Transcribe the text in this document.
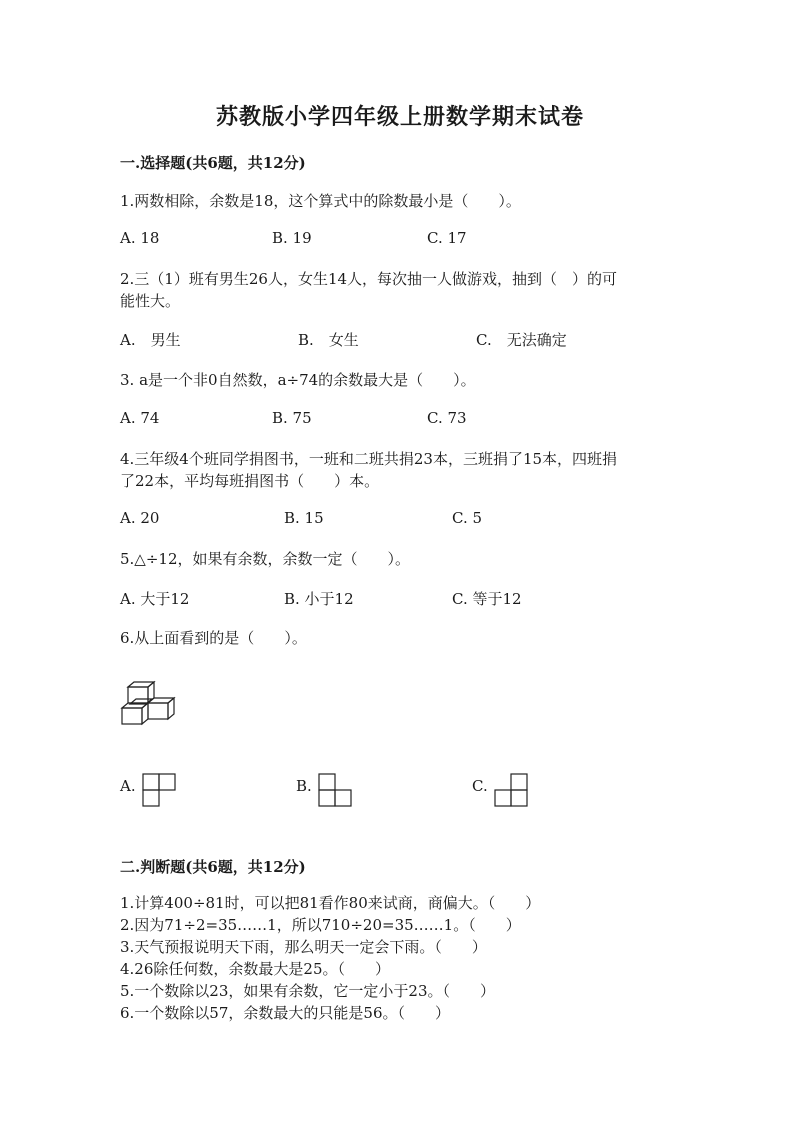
苏教版小学四年级上册数学期末试卷
一.选择题(共6题，共12分)
1.两数相除，余数是18，这个算式中的除数最小是（　　）。
A. 18	B. 19	C. 17
2.三（1）班有男生26人，女生14人，每次抽一人做游戏，抽到（　）的可
能性大。
A.　男生	B.　女生	C.　无法确定
3. a是一个非0自然数，a÷74的余数最大是（　　）。
A. 74	B. 75	C. 73
4.三年级4个班同学捐图书，一班和二班共捐23本，三班捐了15本，四班捐
了22本，平均每班捐图书（　　）本。
A. 20	B. 15	C. 5
5.△÷12，如果有余数，余数一定（　　）。
A. 大于12	B. 小于12	C. 等于12
6.从上面看到的是（　　）。
A.	B.	C.
二.判断题(共6题，共12分)
1.计算400÷81时，可以把81看作80来试商，商偏大。（　　）
2.因为71÷2=35……1，所以710÷20=35……1。（　　）
3.天气预报说明天下雨，那么明天一定会下雨。（　　）
4.26除任何数，余数最大是25。（　　）
5.一个数除以23，如果有余数，它一定小于23。（　　）
6.一个数除以57，余数最大的只能是56。（　　）
